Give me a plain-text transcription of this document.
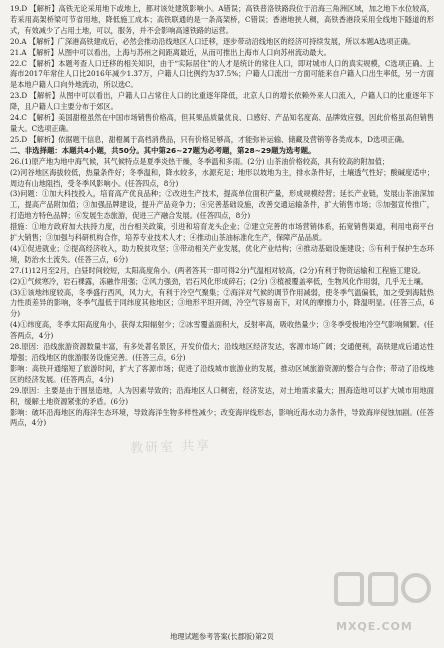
19.D 【解析】高铁无论采用地下或地上，都对该处建筑影响小。A错误；高铁普洛铁路段位于沿海三角洲区域，加之地下水位较高，若采用高架桥梁可节省用地，降低施工成本；高铁联通的是一条高架桥，C错误；香港地狭人稠，高铁香港段采用全线地下隧道的形式，有效减少了占用土地，可以，服务，并不会影响高速铁路的运营。

20.A 【解析】广深港高铁建成后，必然会推动沿线地区人口迁移，逐步带动沿线地区的经济可持续发展，所以本题A选项正确。

21.A 【解析】从图中可以看出，上海与苏州之间距离最近，从而可推出上海市人口向苏州流动最大。

22.C 【解析】本题考查人口迁移的相关知识，由于“实际居住”的人才是统计的常住人口，即对城市人口的真实规模，C选项正确。上海市2017年常住人口比2016年减少1.37万，户籍人口比例约为37.5%；户籍人口流出一方面可能来自户籍人口出生率低，另一方面是本地户籍人口向外地流动，所以选C。

23.D 【解析】从图中可以看出，户籍人口占常住人口的比重逐年降低，北京人口的增长依赖外来人口流入，户籍人口的比重逐年下降，且户籍人口主要分布于郊区。

24.C 【解析】美国甜橙虽然在中国市场销售价格高，但其果品质量优良、口感好、产品知名度高、品牌效应强，因此价格虽高但销售量大。C选项正确。

25.D 【解析】依据题干信息，甜橙属于高档消费品，只有价格足够高，才能弥补运输、储藏及营销等各类成本，D选项正确。

二、非选择题：本题共4小题，共50分。其中第26~27题为必考题，第28~29题为选考题。

26.(1)原产地为地中海气候，其气候特点是夏季炎热干燥，冬季温和多雨。(2分) 山茶油价格较高，具有较高的附加值；

(2)河谷地区海拔较低，热量条件好；冬季温和，降水较多，水源充足；地形以坡地为主，排水条件好，土壤透气性好；酸碱度适中；周边有山地阻挡，受冬季风影响小。(任答四点，8分)

(3)问题：①加大科技投入，培育高产优良品种；②改进生产技术，提高单位面积产量，形成规模经营；延长产业链，发展山茶油深加工，提高产品附加值；③加强品牌建设，提升产品竞争力；④完善基础设施，改善交通运输条件，扩大销售市场；⑤加强宣传推广，打造地方特色品牌；⑥发展生态旅游，促进三产融合发展。(任答四点，8分)

措施：①地方政府加大扶持力度，出台相关政策，引进和培育龙头企业；②建立完善的市场营销体系，拓宽销售渠道，利用电商平台扩大销售；③加强与科研机构合作，培养专业技术人才；④推动山茶油标准化生产，保障产品品质。

(4)①促进就业；②提高经济收入，助力脱贫攻坚；③带动相关产业发展，优化产业结构；④推动基础设施建设；⑤有利于保护生态环境，防治水土流失。(任答三点，6分)

27.(1)12月至2月，白昼时间较短，太阳高度角小。(两者答其一即可得2分)气温相对较高，(2分)有利于物资运输和工程施工建设。

(2)①气候寒冷，岩石裸露，冻融作用强；②风力强劲，岩石风化形成碎石；(2分) ③植被覆盖率低，生物风化作用弱，几乎无土壤。

(3)①该地纬度较高，冬季盛行西风，风力大，有利于冷空气聚集；②海洋对气候的调节作用减弱，使冬季气温偏低，加之受到海陆热力性质差异的影响，冬季气温低于同纬度其他地区；③地形平坦开阔，冷空气容易南下，对风的摩擦力小，降温明显。(任答三点，6分)

(4)①纬度高，冬季太阳高度角小，获得太阳辐射少；②冰雪覆盖面积大，反射率高，吸收热量少；③冬季受极地冷空气影响频繁。(任答两点，4分)

28.原因：沿线旅游资源数量丰富，有多处著名景区，开发价值大；沿线地区经济发达，客源市场广阔；交通便利，高铁建成后通达性增强；沿线地区的旅游服务设施完善。(任答三点，6分)

影响：高铁开通缩短了旅游时间，扩大了客源市场；促进了沿线城市旅游业的发展，推动区域旅游资源的整合与合作；带动了沿线地区的经济发展。(任答两点，4分)

29.原因：主要是由于围垦造地，人为因素导致的；沿海地区人口稠密，经济发达，对土地需求量大；围海造地可以扩大城市用地面积，缓解土地资源紧张的矛盾。(6分)

影响：破坏沿海地区的海洋生态环境，导致海洋生物多样性减少；改变海岸线形态，影响近海水动力条件，导致海岸侵蚀加剧。(任答两点，4分)

教研室 共享
MXQE.COM
地理试题参考答案(长郡版)第2页
